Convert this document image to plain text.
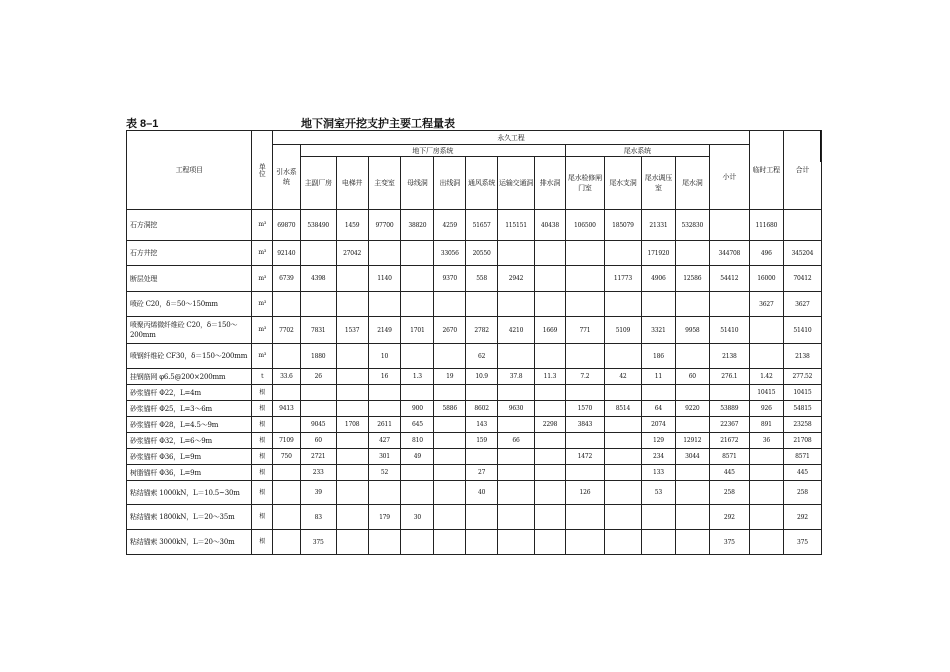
表 8–1	地下洞室开挖支护主要工程量表
工程项目	单位	永久工程														临时工程	合计
		引水系统	地下厂房系统								尾水系统				小计		
			主副厂房	电梯井	主变室	母线洞	出线洞	通风系统	运输交通洞	排水洞	尾水检修闸门室	尾水支洞	尾水调压室	尾水洞			
石方洞挖	m³	69870	538490	1459	97700	38820	4259	51657	115151	40438	106500	185079	21331	532830		111680	
石方井挖	m³	92140		27042			33056	20550					171920		344708	496	345204
断层处理	m³	6739	4398		1140		9370	558	2942			11773	4906	12586	54412	16000	70412
喷砼 C20，δ＝50～150mm	m³															3627	3627
喷聚丙烯微纤维砼 C20，δ＝150～200mm	m³	7702	7831	1537	2149	1701	2670	2782	4210	1669	771	5109	3321	9958	51410		51410
喷钢纤维砼 CF30，δ＝150～200mm	m³		1880		10			62					186		2138		2138
挂钢筋网 φ6.5@200×200mm	t	33.6	26		16	1.3	19	10.9	37.8	11.3	7.2	42	11	60	276.1	1.42	277.52
砂浆锚杆 Φ22，L=4m	根															10415	10415
砂浆锚杆 Φ25，L=3～6m	根	9413				900	5886	8602	9630		1570	8514	64	9220	53889	926	54815
砂浆锚杆 Φ28，L=4.5～9m	根		9045	1708	2611	645		143		2298	3843		2074		22367	891	23258
砂浆锚杆 Φ32，L=6～9m	根	7109	60		427	810		159	66				129	12912	21672	36	21708
砂浆锚杆 Φ36，L=9m	根	750	2721		301	49					1472		234	3044	8571		8571
树脂锚杆 Φ36，L=9m	根		233		52			27					133		445		445
粘结锚索 1000kN，L＝10.5~30m	根		39					40			126		53		258		258
粘结锚索 1800kN，L＝20～35m	根		83		179	30									292		292
粘结锚索 3000kN，L＝20～30m	根		375												375		375
